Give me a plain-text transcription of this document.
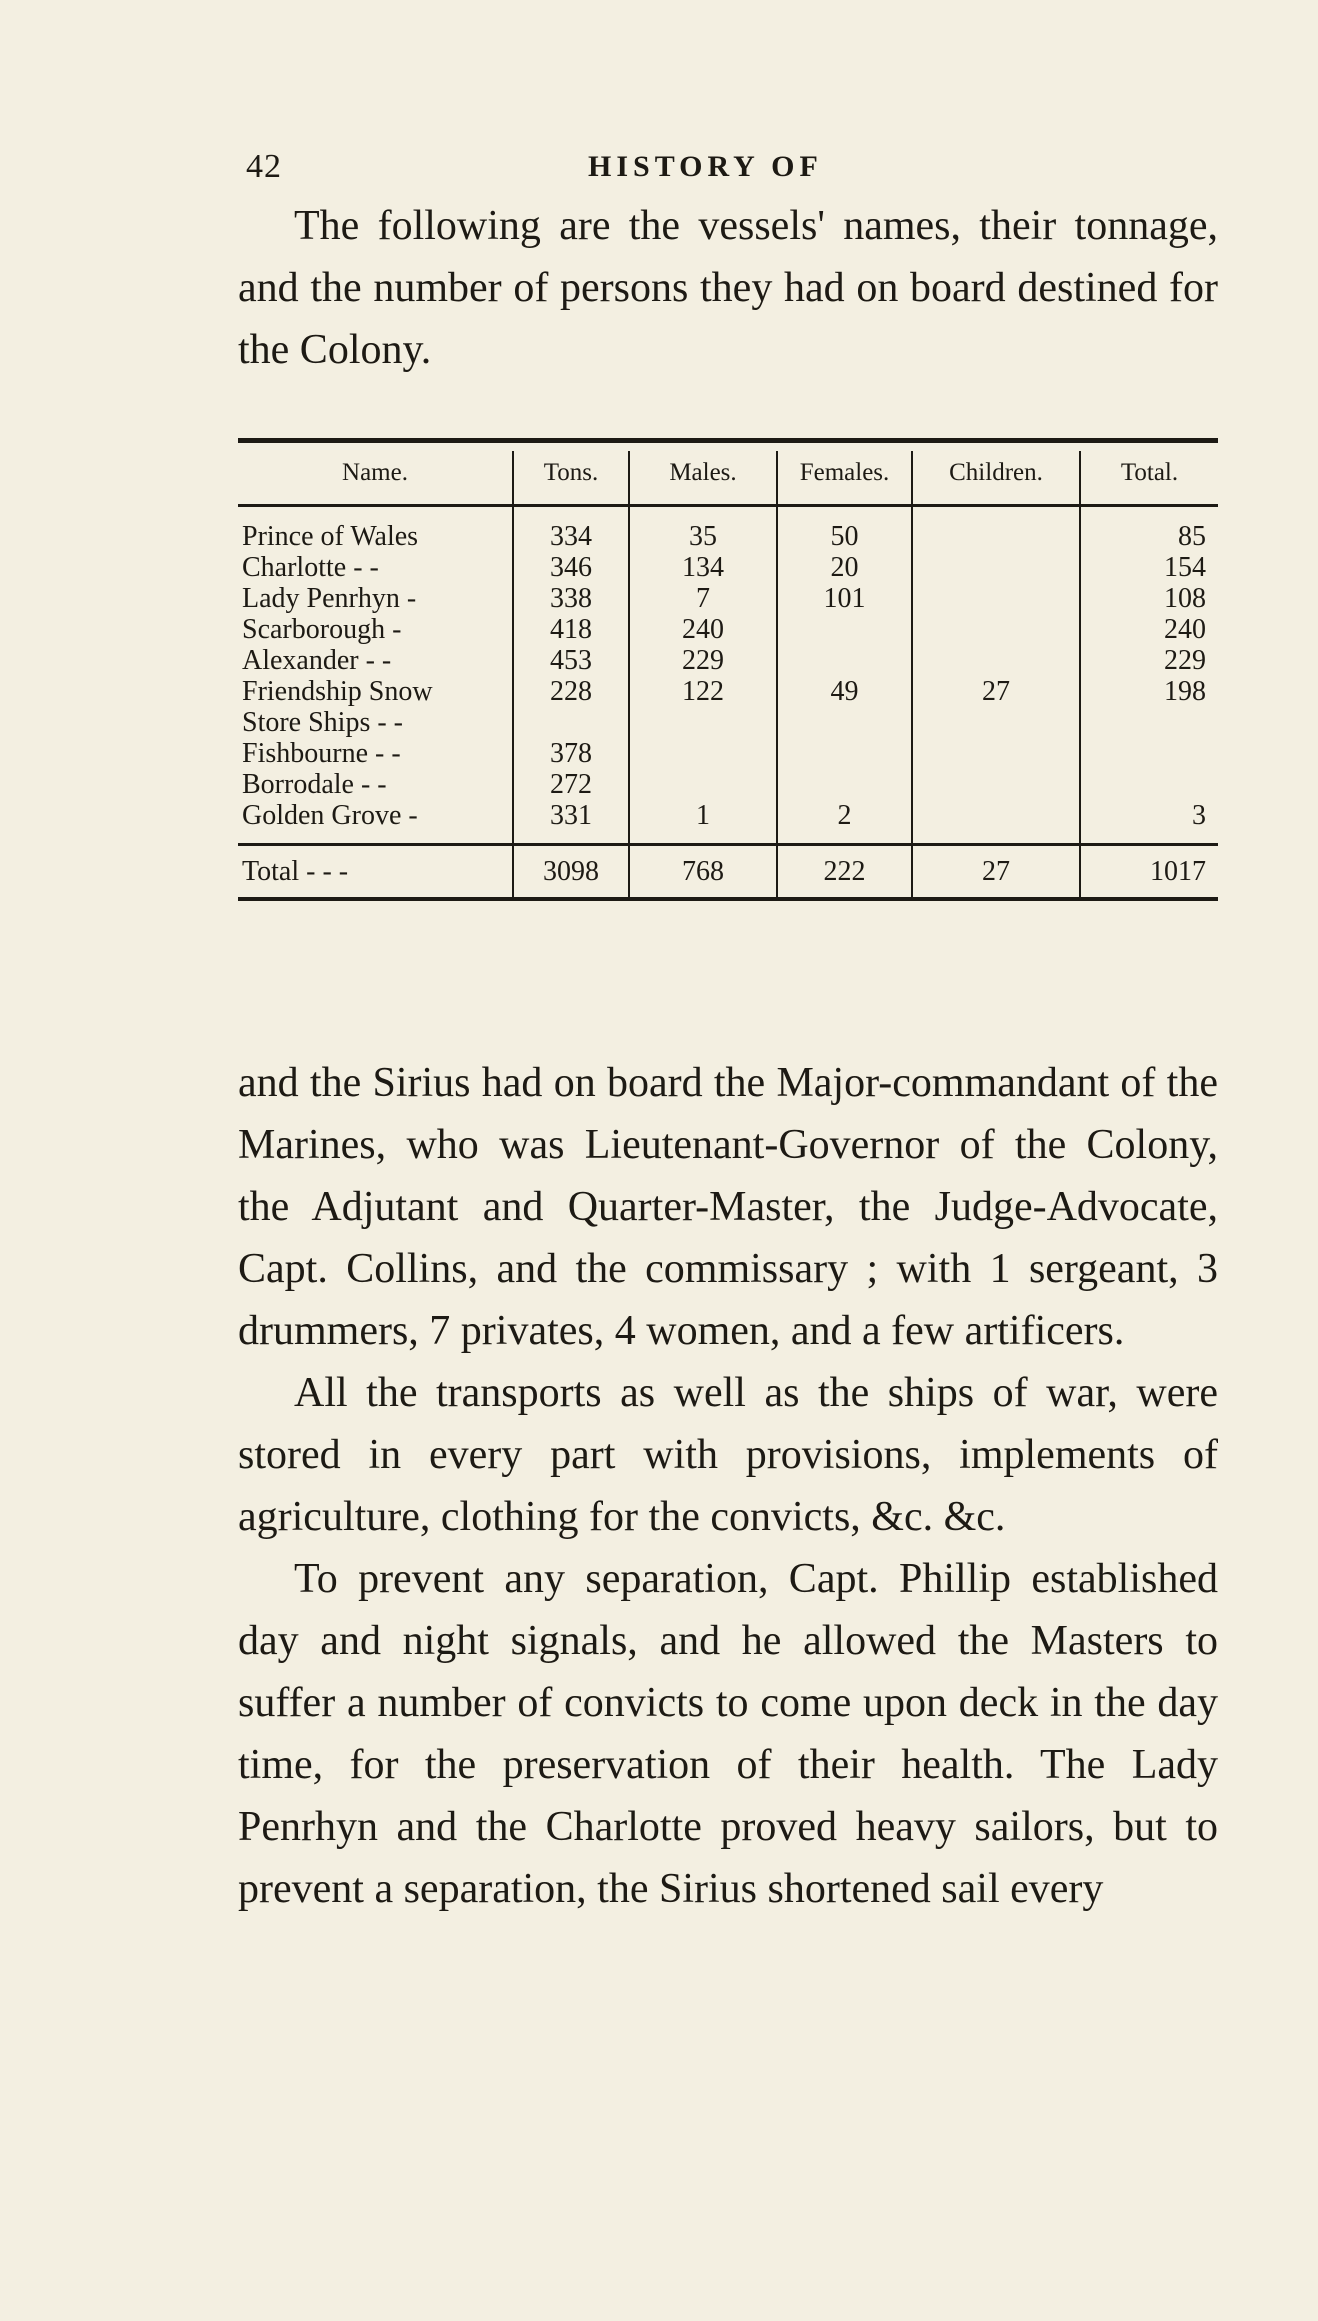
42	HISTORY OF

The following are the vessels' names, their tonnage, and the number of persons they had on board destined for the Colony.

Name.	Tons.	Males.	Females.	Children.	Total.
Prince of Wales	334	35	50		85
Charlotte - -	346	134	20		154
Lady Penrhyn -	338	7	101		108
Scarborough -	418	240			240
Alexander - -	453	229			229
Friendship Snow	228	122	49	27	198
Store Ships - -					
Fishbourne - -	378				
Borrodale - -	272				
Golden Grove -	331	1	2		3
Total - - -	3098	768	222	27	1017

and the Sirius had on board the Major-commandant of the Marines, who was Lieutenant-Governor of the Colony, the Adjutant and Quarter-Master, the Judge-Advocate, Capt. Collins, and the commissary ; with 1 sergeant, 3 drummers, 7 privates, 4 women, and a few artificers.

All the transports as well as the ships of war, were stored in every part with provisions, implements of agriculture, clothing for the convicts, &c. &c.

To prevent any separation, Capt. Phillip established day and night signals, and he allowed the Masters to suffer a number of convicts to come upon deck in the day time, for the preservation of their health. The Lady Penrhyn and the Charlotte proved heavy sailors, but to prevent a separation, the Sirius shortened sail every
